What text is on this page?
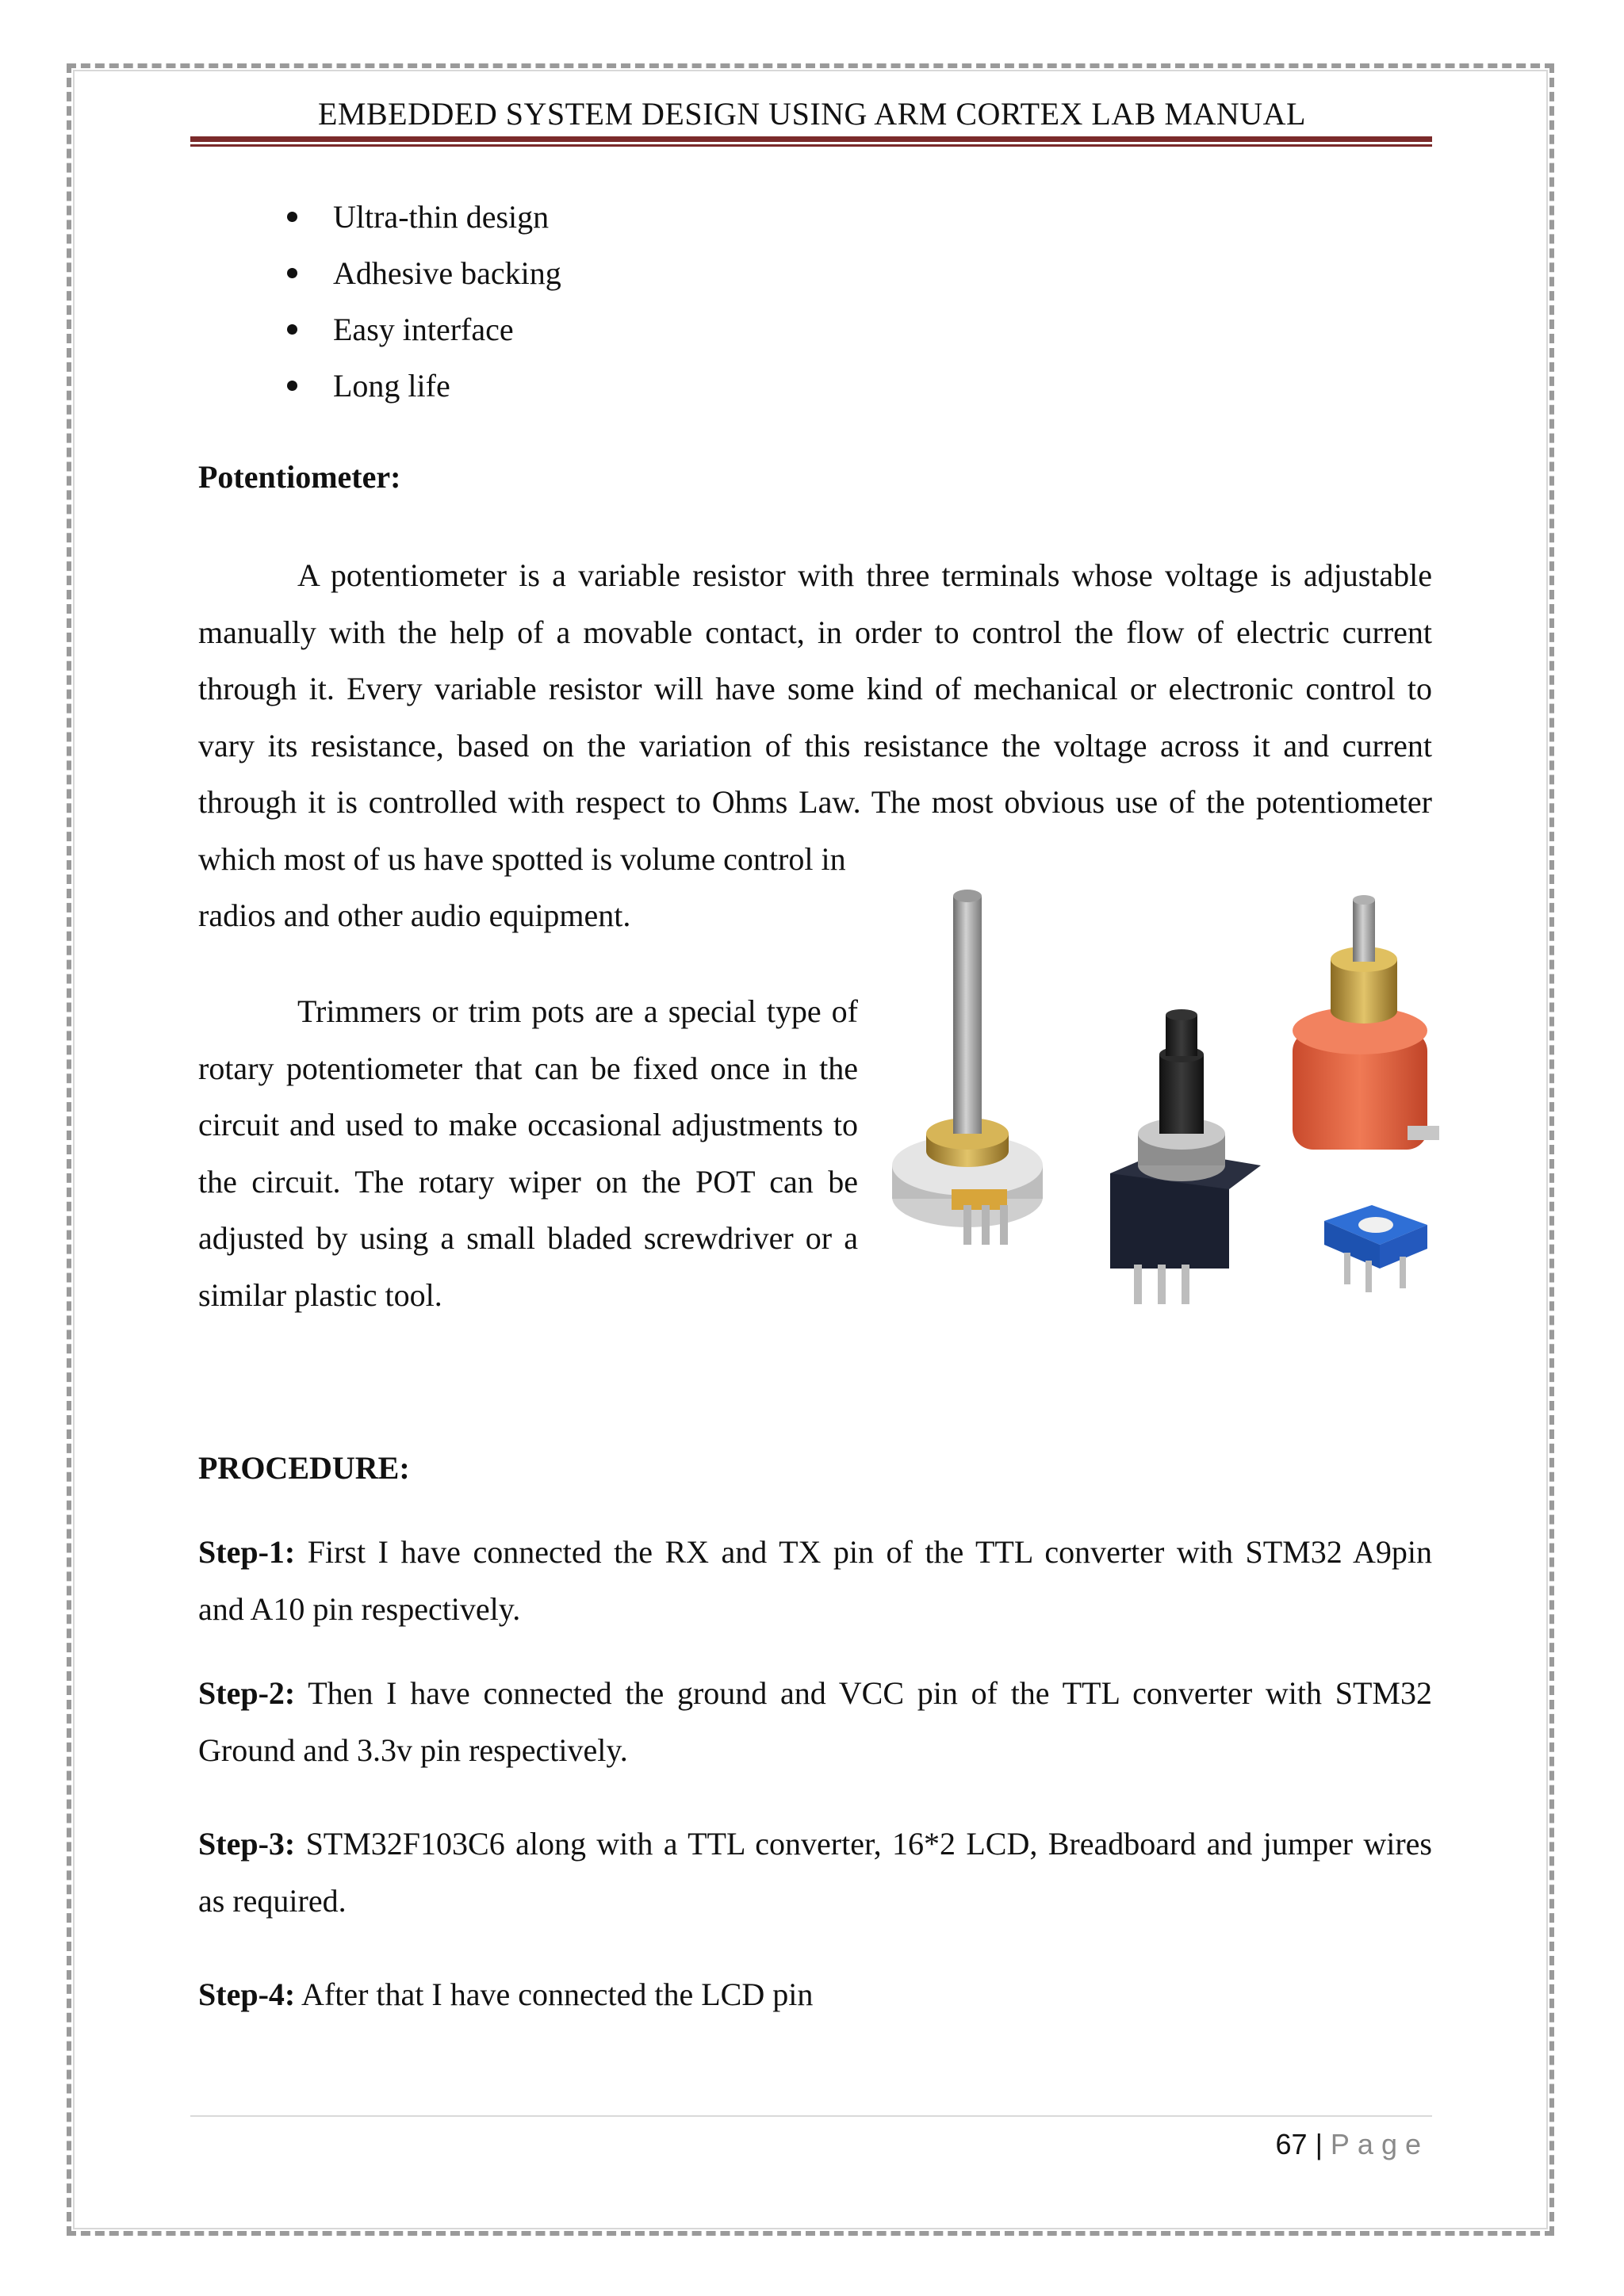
EMBEDDED SYSTEM DESIGN USING ARM CORTEX LAB MANUAL
Ultra-thin design
Adhesive backing
Easy interface
Long life
Potentiometer:
A potentiometer is a variable resistor with three terminals whose voltage is adjustable
manually with the help of a movable contact, in order to control the flow of electric current
through it. Every variable resistor will have some kind of mechanical or electronic control to
vary its resistance, based on the variation of this resistance the voltage across it and current
through it is controlled with respect to Ohms Law. The most obvious use of the potentiometer
which most of us have spotted is volume control in
radios and other audio equipment.
Trimmers or trim pots are a special type of
rotary potentiometer that can be fixed once in the
circuit and used to make occasional adjustments to
the circuit. The rotary wiper on the POT can be
adjusted by using a small bladed screwdriver or a
similar plastic tool.
PROCEDURE:
Step-1: First I have connected the RX and TX pin of the TTL converter with STM32 A9pin
and A10 pin respectively.
Step-2: Then I have connected the ground and VCC pin of the TTL converter with STM32
Ground and 3.3v pin respectively.
Step-3: STM32F103C6 along with a TTL converter, 16*2 LCD, Breadboard and jumper wires
as required.
Step-4: After that I have connected the LCD pin
67 | Page
